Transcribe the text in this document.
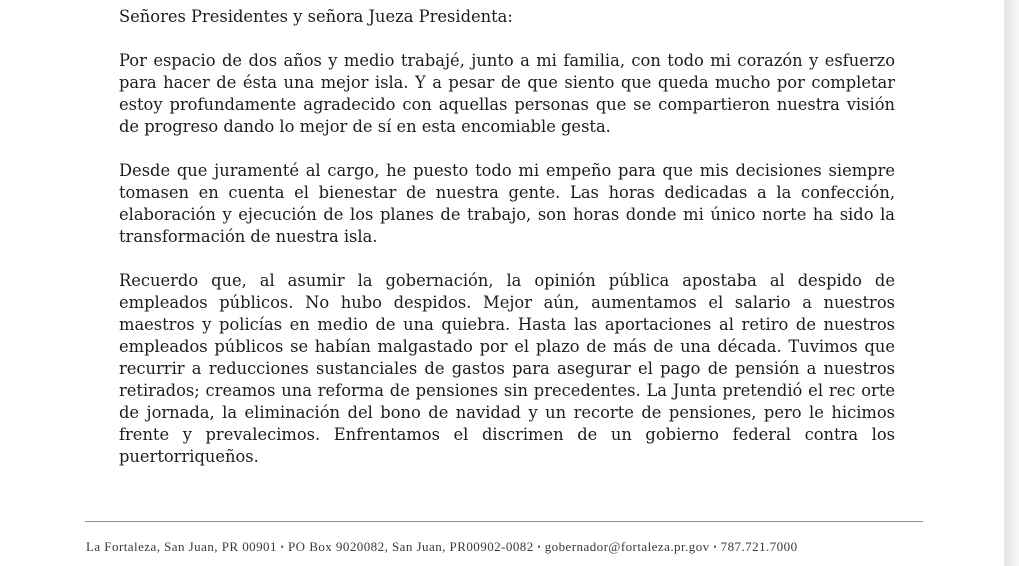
Señores Presidentes y señora Jueza Presidenta:

Por espacio de dos años y medio trabajé, junto a mi familia, con todo mi corazón y esfuerzo para hacer de ésta una mejor isla. Y a pesar de que siento que queda mucho por completar estoy profundamente agradecido con aquellas personas que se compartieron nuestra visión de progreso dando lo mejor de sí en esta encomiable gesta.

Desde que juramenté al cargo, he puesto todo mi empeño para que mis decisiones siempre tomasen en cuenta el bienestar de nuestra gente. Las horas dedicadas a la confección, elaboración y ejecución de los planes de trabajo, son horas donde mi único norte ha sido la transformación de nuestra isla.

Recuerdo que, al asumir la gobernación, la opinión pública apostaba al despido de empleados públicos. No hubo despidos. Mejor aún, aumentamos el salario a nuestros maestros y policías en medio de una quiebra. Hasta las aportaciones al retiro de nuestros empleados públicos se habían malgastado por el plazo de más de una década. Tuvimos que recurrir a reducciones sustanciales de gastos para asegurar el pago de pensión a nuestros retirados; creamos una reforma de pensiones sin precedentes. La Junta pretendió el rec orte de jornada, la eliminación del bono de navidad y un recorte de pensiones, pero le hicimos frente y prevalecimos. Enfrentamos el discrimen de un gobierno federal contra los puertorriqueños.

La Fortaleza, San Juan, PR 00901 • PO Box 9020082, San Juan, PR00902-0082 • gobernador@fortaleza.pr.gov • 787.721.7000
